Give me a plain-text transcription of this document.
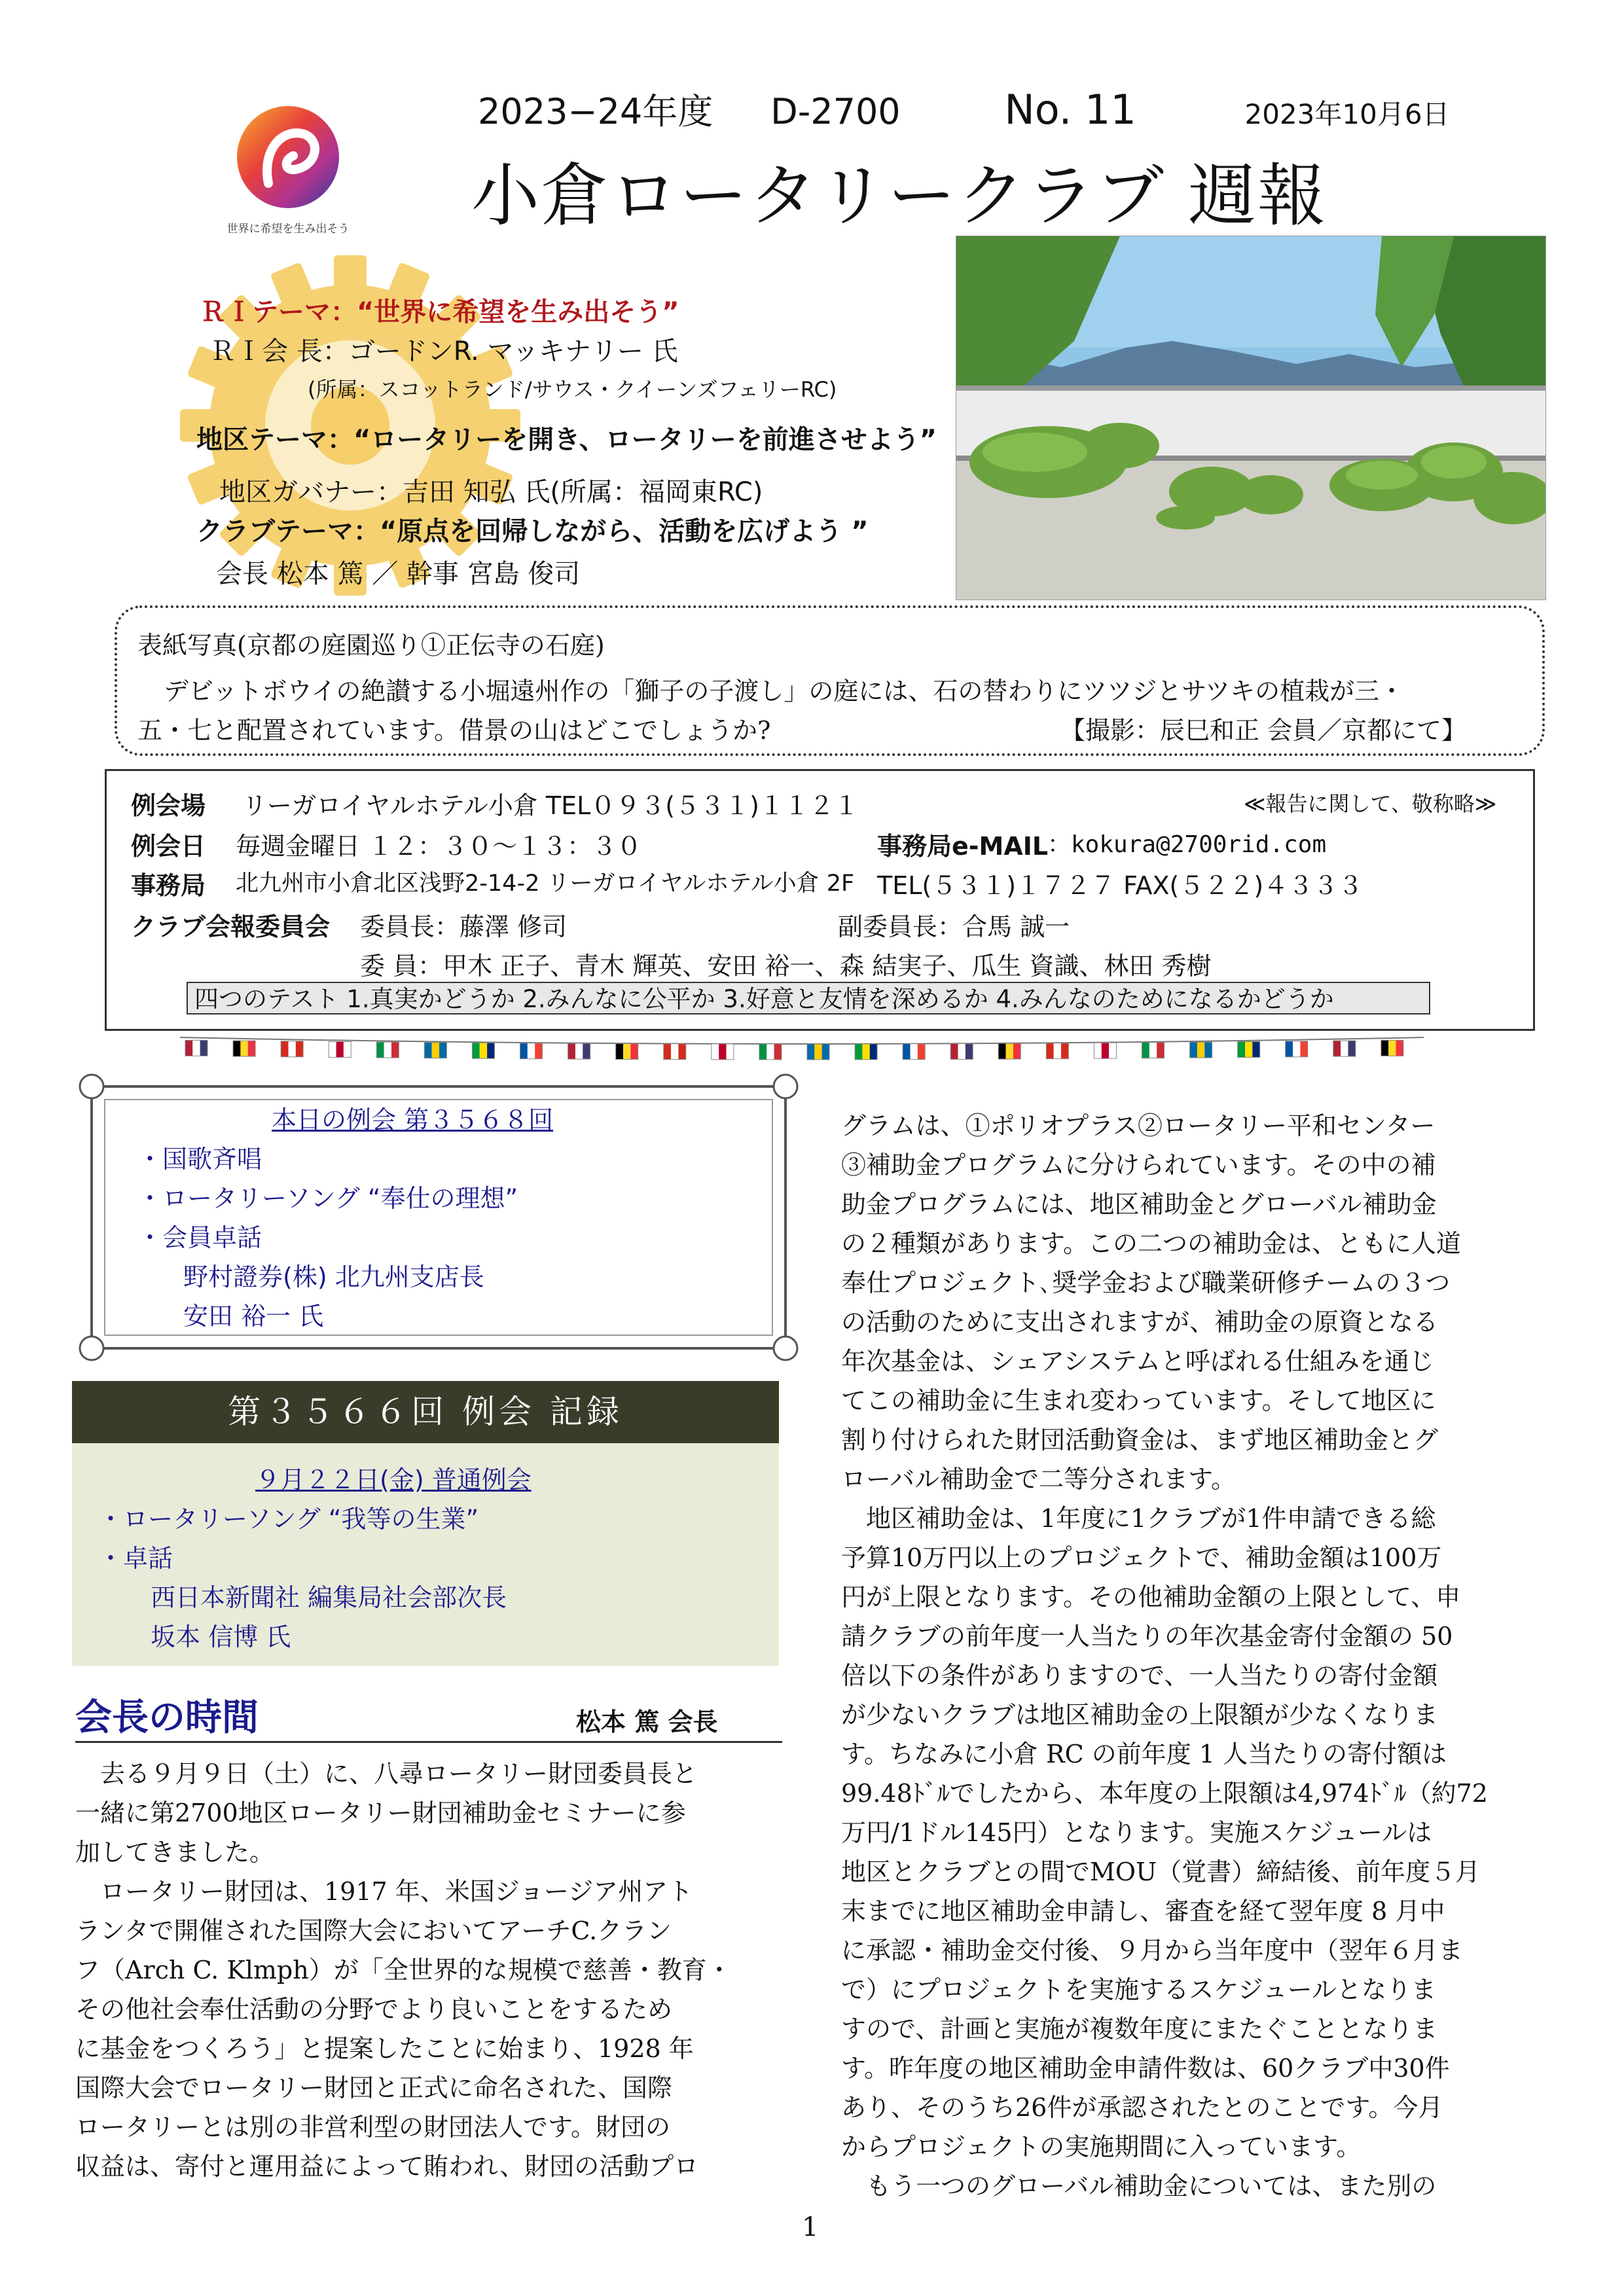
世界に希望を生み出そう
2023−24年度 D-2700	No. 11	2023年10月6日
小倉ロータリークラブ 週報
ＲＩテーマ：“世界に希望を生み出そう”
ＲＩ会 長：ゴードンR. マッキナリー 氏
(所属：スコットランド/サウス・クイーンズフェリーRC)
地区テーマ：“ロータリーを開き、ロータリーを前進させよう”
地区ガバナー：吉田 知弘 氏(所属：福岡東RC)
クラブテーマ：“原点を回帰しながら、活動を広げよう ”
会長 松本 篤 ／ 幹事 宮島 俊司
表紙写真(京都の庭園巡り①正伝寺の石庭)
デビットボウイの絶讃する小堀遠州作の「獅子の子渡し」の庭には、石の替わりにツツジとサツキの植栽が三・
五・七と配置されています。借景の山はどこでしょうか?	【撮影：辰巳和正 会員／京都にて】
例会場 リーガロイヤルホテル小倉 TEL０９３(５３１)１１２１	≪報告に関して、敬称略≫
例会日 毎週金曜日 １２：３０～１３：３０	事務局e-MAIL
：kokura@2700rid.com
事務局 北九州市小倉北区浅野2-14-2 リーガロイヤルホテル小倉 2F TEL(５３１)１７２７ FAX(５２２)４３３３
クラブ会報委員会 委員長：藤澤 修司	副委員長：合馬 誠一
委 員：甲木 正子、青木 輝英、安田 裕一、森 結実子、瓜生 資識、林田 秀樹
四つのテスト 1.真実かどうか 2.みんなに公平か 3.好意と友情を深めるか 4.みんなのためになるかどうか
本日の例会 第３５６８回
・国歌斉唱
・ロータリーソング “奉仕の理想”
・会員卓話
野村證券(株) 北九州支店長
安田 裕一 氏
第３５６６回 例会 記録
９月２２日(金) 普通例会
・ロータリーソング “我等の生業”
・卓話
西日本新聞社 編集局社会部次長
坂本 信博 氏
会長の時間	松本 篤 会長
去る９月９日（土）に、八尋ロータリー財団委員長と
一緒に第2700地区ロータリー財団補助金セミナーに参
加してきました。
ロータリー財団は、1917 年、米国ジョージア州アト
ランタで開催された国際大会においてアーチC.クラン
フ（Arch C. Klmph）が「全世界的な規模で慈善・教育・
その他社会奉仕活動の分野でより良いことをするため
に基金をつくろう」と提案したことに始まり、1928 年
国際大会でロータリー財団と正式に命名された、国際
ロータリーとは別の非営利型の財団法人です。財団の
収益は、寄付と運用益によって賄われ、財団の活動プロ
グラムは、①ポリオプラス②ロータリー平和センター
③補助金プログラムに分けられています。その中の補
助金プログラムには、地区補助金とグローバル補助金
の２種類があります。この二つの補助金は、ともに人道
奉仕プロジェクト､奨学金および職業研修チームの３つ
の活動のために支出されますが、補助金の原資となる
年次基金は、シェアシステムと呼ばれる仕組みを通じ
てこの補助金に生まれ変わっています。そして地区に
割り付けられた財団活動資金は、まず地区補助金とグ
ローバル補助金で二等分されます。
地区補助金は、1年度に1クラブが1件申請できる総
予算10万円以上のプロジェクトで、補助金額は100万
円が上限となります。その他補助金額の上限として、申
請クラブの前年度一人当たりの年次基金寄付金額の 50
倍以下の条件がありますので、一人当たりの寄付金額
が少ないクラブは地区補助金の上限額が少なくなりま
す。ちなみに小倉 RC の前年度 1 人当たりの寄付額は
99.48ﾄﾞﾙでしたから、本年度の上限額は4,974ﾄﾞﾙ（約72
万円/1ドル145円）となります。実施スケジュールは
地区とクラブとの間でMOU（覚書）締結後、前年度５月
末までに地区補助金申請し、審査を経て翌年度 8 月中
に承認・補助金交付後、９月から当年度中（翌年６月ま
で）にプロジェクトを実施するスケジュールとなりま
すので、計画と実施が複数年度にまたぐこととなりま
す。昨年度の地区補助金申請件数は、60クラブ中30件
あり、そのうち26件が承認されたとのことです。今月
からプロジェクトの実施期間に入っています。
もう一つのグローバル補助金については、また別の
1
